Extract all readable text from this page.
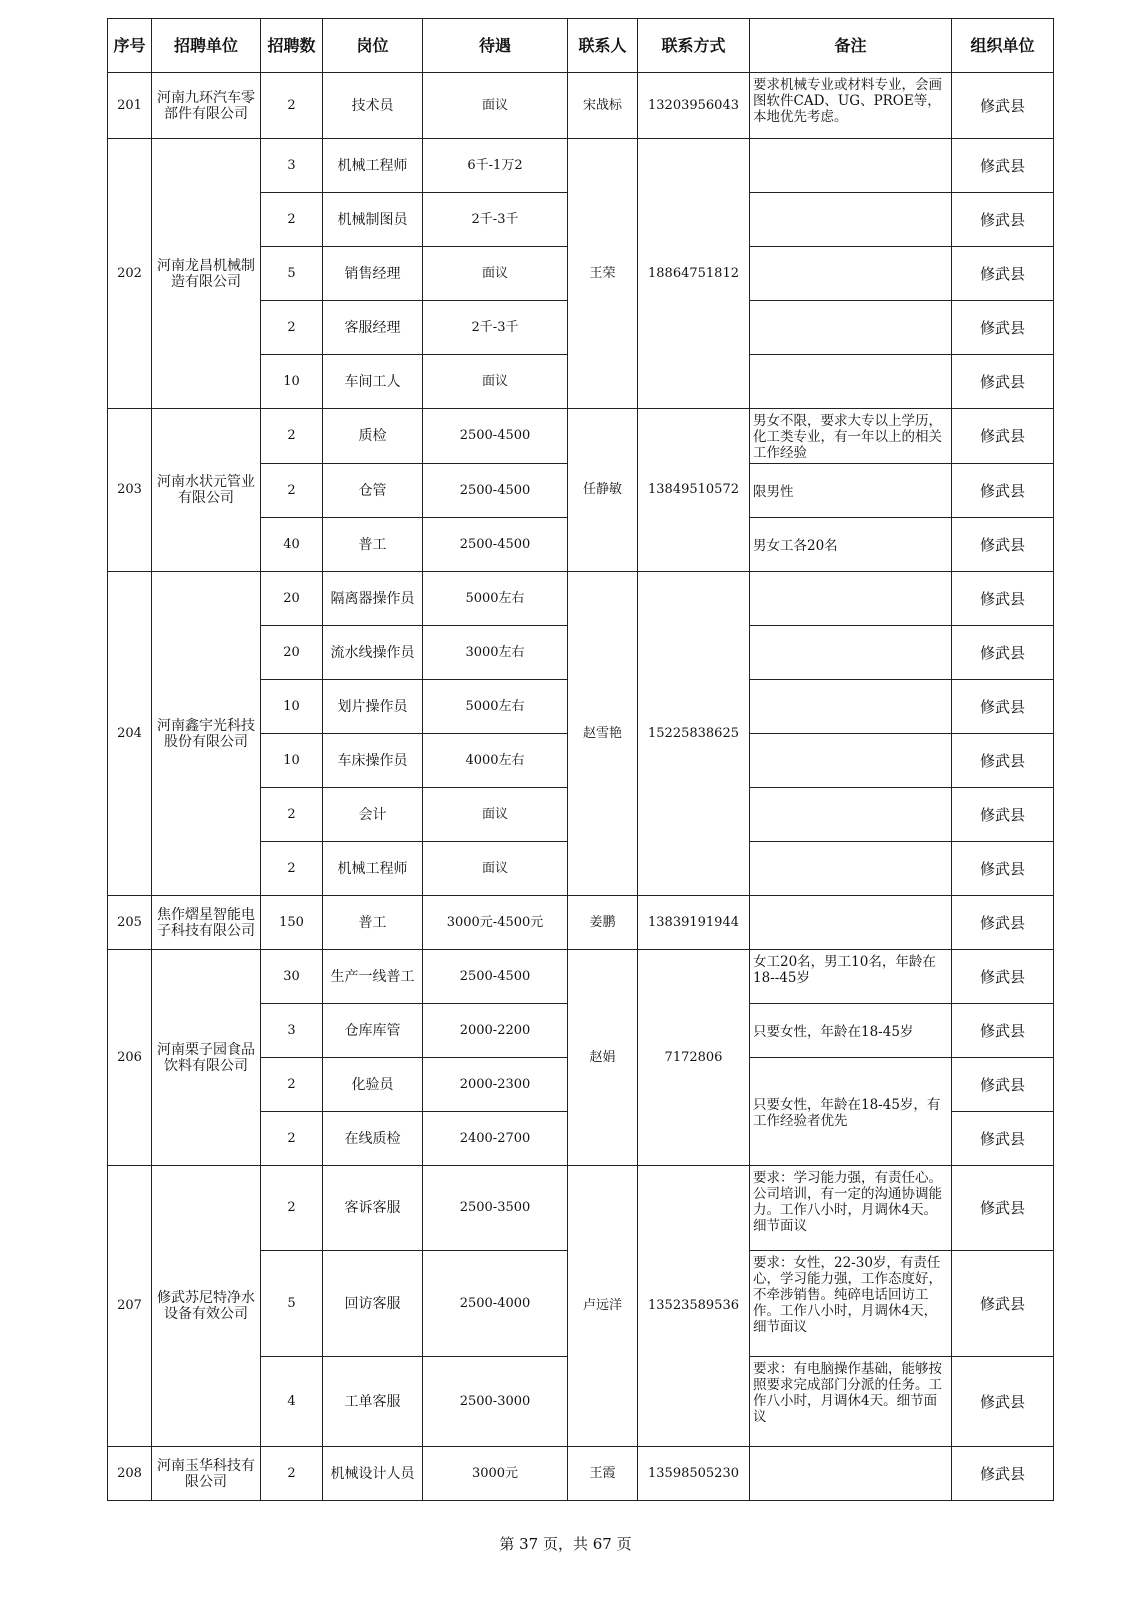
序号	招聘单位	招聘数	岗位	待遇	联系人	联系方式	备注	组织单位
201	河南九环汽车零部件有限公司	2	技术员	面议	宋战标	13203956043	要求机械专业或材料专业，会画图软件CAD、UG、PROE等，本地优先考虑。	修武县
202	河南龙昌机械制造有限公司	3	机械工程师	6千-1万2	王荣	18864751812		修武县
		2	机械制图员	2千-3千				修武县
		5	销售经理	面议				修武县
		2	客服经理	2千-3千				修武县
		10	车间工人	面议				修武县
203	河南水状元管业有限公司	2	质检	2500-4500	任静敏	13849510572	男女不限，要求大专以上学历，化工类专业，有一年以上的相关工作经验	修武县
		2	仓管	2500-4500			限男性	修武县
		40	普工	2500-4500			男女工各20名	修武县
204	河南鑫宇光科技股份有限公司	20	隔离器操作员	5000左右	赵雪艳	15225838625		修武县
		20	流水线操作员	3000左右				修武县
		10	划片操作员	5000左右				修武县
		10	车床操作员	4000左右				修武县
		2	会计	面议				修武县
		2	机械工程师	面议				修武县
205	焦作熠星智能电子科技有限公司	150	普工	3000元-4500元	姜鹏	13839191944		修武县
206	河南栗子园食品饮料有限公司	30	生产一线普工	2500-4500	赵娟	7172806	女工20名，男工10名，年龄在18--45岁	修武县
		3	仓库库管	2000-2200			只要女性，年龄在18-45岁	修武县
		2	化验员	2000-2300			只要女性，年龄在18-45岁，有工作经验者优先	修武县
		2	在线质检	2400-2700				修武县
207	修武苏尼特净水设备有效公司	2	客诉客服	2500-3500	卢远洋	13523589536	要求：学习能力强，有责任心。公司培训，有一定的沟通协调能力。工作八小时，月调休4天。细节面议	修武县
		5	回访客服	2500-4000			要求：女性，22-30岁，有责任心，学习能力强，工作态度好，不牵涉销售。纯碎电话回访工作。工作八小时，月调休4天，细节面议	修武县
		4	工单客服	2500-3000			要求：有电脑操作基础，能够按照要求完成部门分派的任务。工作八小时，月调休4天。细节面议	修武县
208	河南玉华科技有限公司	2	机械设计人员	3000元	王霞	13598505230		修武县
第 37 页，共 67 页
